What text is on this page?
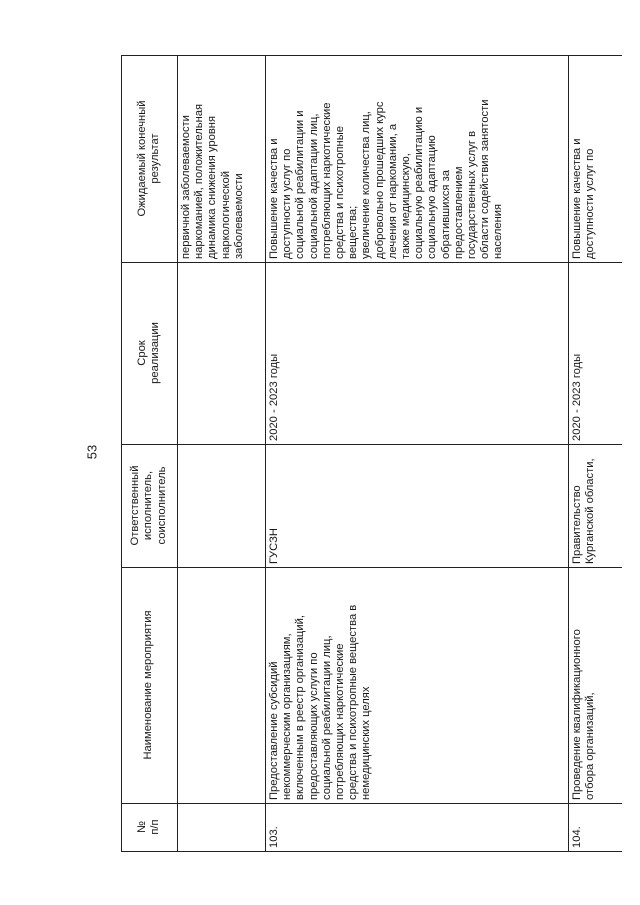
53
№
п/п
Наименование мероприятия
Ответственный
исполнитель,
соисполнитель
Срок
реализации
Ожидаемый конечный
результат
первичной заболеваемости
наркоманией, положительная
динамика снижения уровня
наркологической
заболеваемости
103.
Предоставление субсидий
некоммерческим организациям,
включенным в реестр организаций,
предоставляющих услуги по
социальной реабилитации лиц,
потребляющих наркотические
средства и психотропные вещества в
немедицинских целях
ГУСЗН
2020 - 2023 годы
Повышение качества и
доступности услуг по
социальной реабилитации и
социальной адаптации лиц,
потребляющих наркотические
средства и психотропные
вещества;
увеличение количества лиц,
добровольно прошедших курс
лечения от наркомании, а
также медицинскую,
социальную реабилитацию и
социальную адаптацию
обратившихся за
предоставлением
государственных услуг в
области содействия занятости
населения
104.
Проведение квалификационного
отбора организаций,
Правительство
Курганской области,
2020 - 2023 годы
Повышение качества и
доступности услуг по
